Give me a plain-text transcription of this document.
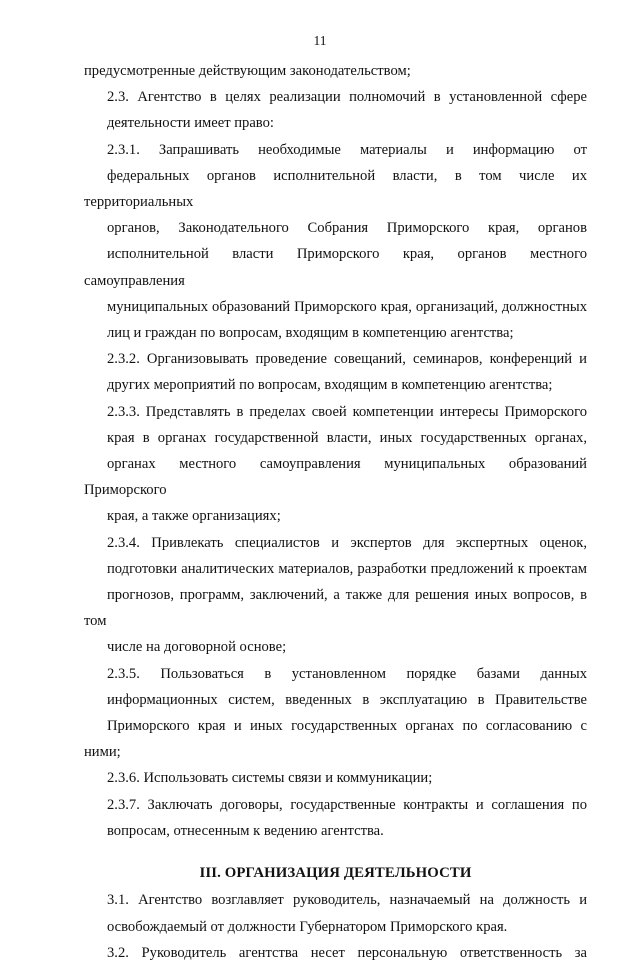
11
предусмотренные действующим законодательством;
2.3. Агентство в целях реализации полномочий в установленной сфере
деятельности имеет право:
2.3.1. Запрашивать необходимые материалы и информацию от
федеральных органов исполнительной власти, в том числе их территориальных
органов, Законодательного Собрания Приморского края, органов
исполнительной власти Приморского края, органов местного самоуправления
муниципальных образований Приморского края, организаций, должностных
лиц и граждан по вопросам, входящим в компетенцию агентства;
2.3.2. Организовывать проведение совещаний, семинаров, конференций и
других мероприятий по вопросам, входящим в компетенцию агентства;
2.3.3. Представлять в пределах своей компетенции интересы Приморского
края в органах государственной власти, иных государственных органах,
органах местного самоуправления муниципальных образований Приморского
края, а также организациях;
2.3.4. Привлекать специалистов и экспертов для экспертных оценок,
подготовки аналитических материалов, разработки предложений к проектам
прогнозов, программ, заключений, а также для решения иных вопросов, в том
числе на договорной основе;
2.3.5. Пользоваться в установленном порядке базами данных
информационных систем, введенных в эксплуатацию в Правительстве
Приморского края и иных государственных органах по согласованию с ними;
2.3.6. Использовать системы связи и коммуникации;
2.3.7. Заключать договоры, государственные контракты и соглашения по
вопросам, отнесенным к ведению агентства.
III. ОРГАНИЗАЦИЯ ДЕЯТЕЛЬНОСТИ
3.1. Агентство возглавляет руководитель, назначаемый на должность и
освобождаемый от должности Губернатором Приморского края.
3.2. Руководитель агентства несет персональную ответственность за
